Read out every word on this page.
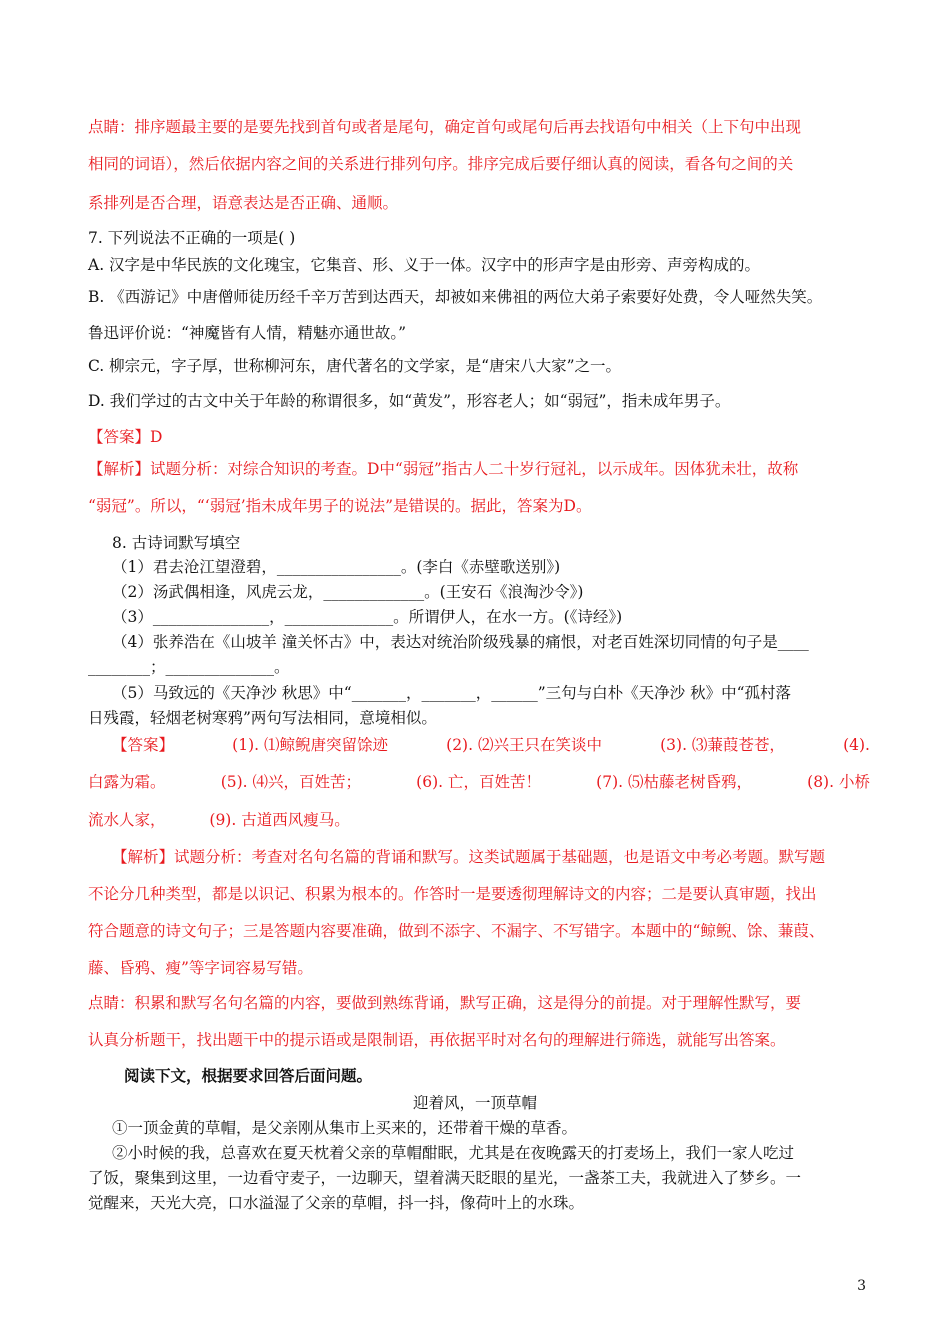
点睛：排序题最主要的是要先找到首句或者是尾句，确定首句或尾句后再去找语句中相关（上下句中出现
相同的词语），然后依据内容之间的关系进行排列句序。排序完成后要仔细认真的阅读，看各句之间的关
系排列是否合理，语意表达是否正确、通顺。
7. 下列说法不正确的一项是( )
A. 汉字是中华民族的文化瑰宝，它集音、形、义于一体。汉字中的形声字是由形旁、声旁构成的。
B. 《西游记》中唐僧师徒历经千辛万苦到达西天，却被如来佛祖的两位大弟子索要好处费，令人哑然失笑。
鲁迅评价说：“神魔皆有人情，精魅亦通世故。”
C. 柳宗元，字子厚，世称柳河东，唐代著名的文学家，是“唐宋八大家”之一。
D. 我们学过的古文中关于年龄的称谓很多，如“黄发”，形容老人；如“弱冠”，指未成年男子。
【答案】D
【解析】试题分析：对综合知识的考查。D中“弱冠”指古人二十岁行冠礼，以示成年。因体犹未壮，故称
“弱冠”。所以，“‘弱冠’指未成年男子的说法”是错误的。据此，答案为D。
8. 古诗词默写填空
（1）君去沧江望澄碧，________________。(李白《赤壁歌送别》)
（2）汤武偶相逢，风虎云龙，_____________。(王安石《浪淘沙令》)
（3）_______________，______________。所谓伊人，在水一方。(《诗经》)
（4）张养浩在《山坡羊 潼关怀古》中，表达对统治阶级残暴的痛恨，对老百姓深切同情的句子是____
________；______________。
（5）马致远的《天净沙 秋思》中“_______，_______，______”三句与白朴《天净沙 秋》中“孤村落
日残霞，轻烟老树寒鸦”两句写法相同，意境相似。
【答案】	(1). ⑴鲸鲵唐突留馀迹	(2). ⑵兴王只在笑谈中	(3). ⑶蒹葭苍苍，	(4).
白露为霜。	(5). ⑷兴，百姓苦；	(6). 亡，百姓苦！	(7). ⑸枯藤老树昏鸦，	(8). 小桥
流水人家，	(9). 古道西风瘦马。
【解析】试题分析：考查对名句名篇的背诵和默写。这类试题属于基础题，也是语文中考必考题。默写题
不论分几种类型，都是以识记、积累为根本的。作答时一是要透彻理解诗文的内容；二是要认真审题，找出
符合题意的诗文句子；三是答题内容要准确，做到不添字、不漏字、不写错字。本题中的“鲸鲵、馀、蒹葭、
藤、昏鸦、瘦”等字词容易写错。
点睛：积累和默写名句名篇的内容，要做到熟练背诵，默写正确，这是得分的前提。对于理解性默写，要
认真分析题干，找出题干中的提示语或是限制语，再依据平时对名句的理解进行筛选，就能写出答案。
阅读下文，根据要求回答后面问题。
迎着风，一顶草帽
①一顶金黄的草帽，是父亲刚从集市上买来的，还带着干燥的草香。
②小时候的我，总喜欢在夏天枕着父亲的草帽酣眠，尤其是在夜晚露天的打麦场上，我们一家人吃过
了饭，聚集到这里，一边看守麦子，一边聊天，望着满天眨眼的星光，一盏茶工夫，我就进入了梦乡。一
觉醒来，天光大亮，口水溢湿了父亲的草帽，抖一抖，像荷叶上的水珠。
3
